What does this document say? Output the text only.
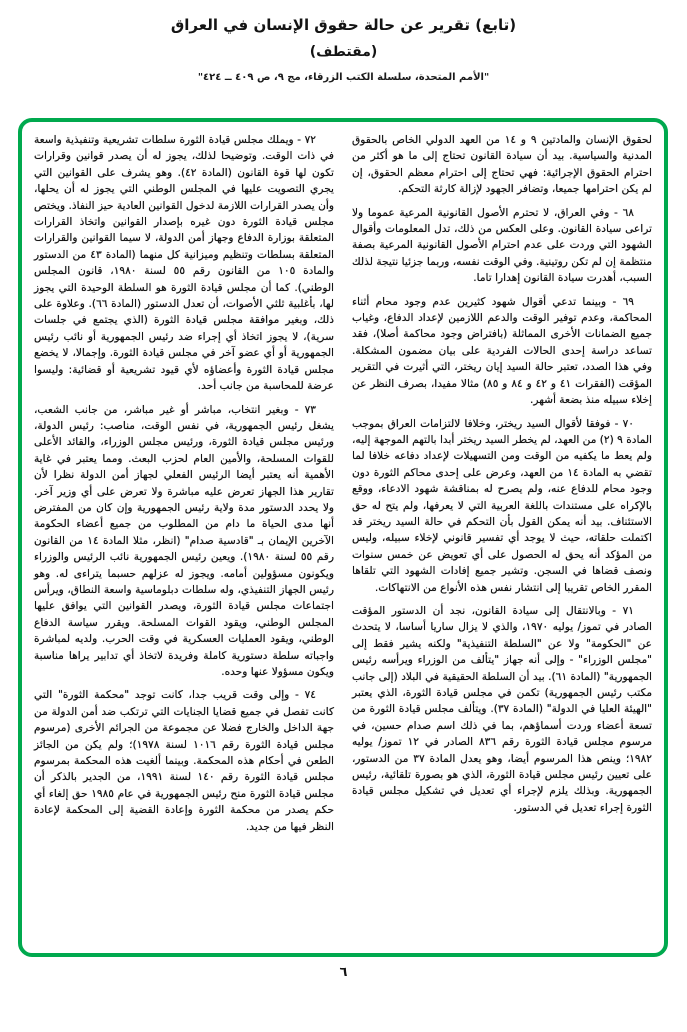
(تابع) تقرير عن حالة حقوق الإنسان في العراق
(مقتطف)
"الأمم المتحدة، سلسلة الكتب الزرقاء، مج ٩، ص ٤٠٩ ــ ٤٢٤"

لحقوق الإنسان والمادتين ٩ و ١٤ من العهد الدولي الخاص بالحقوق المدنية والسياسية. بيد أن سيادة القانون تحتاج إلى ما هو أكثر من احترام الحقوق الإجرائية: فهي تحتاج إلى احترام معظم الحقوق، إن لم يكن احترامها جميعا، وتضافر الجهود لإزالة كارثة التحكم.

٦٨ - وفي العراق، لا تحترم الأصول القانونية المرعية عموما ولا تراعى سيادة القانون. وعلى العكس من ذلك، تدل المعلومات وأقوال الشهود التي وردت على عدم احترام الأصول القانونية المرعية بصفة منتظمة إن لم تكن روتينية. وفي الوقت نفسه، وربما جزئيا نتيجة لذلك السبب، أهدرت سيادة القانون إهدارا تاما.

٦٩ - وبينما تدعي أقوال شهود كثيرين عدم وجود محام أثناء المحاكمة، وعدم توفير الوقت والدعم اللازمين لإعداد الدفاع، وغياب جميع الضمانات الأخرى المماثلة (بافتراض وجود محاكمة أصلا)، فقد تساعد دراسة إحدى الحالات الفردية على بيان مضمون المشكلة. وفي هذا الصدد، تعتبر حالة السيد إيان ريختر، التي أثيرت في التقرير المؤقت (الفقرات ٤١ و ٤٢ و ٨٤ و ٨٥) مثالا مفيدا، بصرف النظر عن إخلاء سبيله منذ بضعة أشهر.

٧٠ - فوفقا لأقوال السيد ريختر، وخلافا لالتزامات العراق بموجب المادة ٩ (٢) من العهد، لم يخطر السيد ريختر أبدا بالتهم الموجهة إليه، ولم يعط ما يكفيه من الوقت ومن التسهيلات لإعداد دفاعه خلافا لما تقضي به المادة ١٤ من العهد، وعرض على إحدى محاكم الثورة دون وجود محام للدفاع عنه، ولم يصرح له بمناقشة شهود الادعاء، ووقع بالإكراه على مستندات باللغة العربية التي لا يعرفها، ولم يتح له حق الاستئناف. بيد أنه يمكن القول بأن التحكم في حالة السيد ريختر قد اكتملت حلقاته، حيث لا يوجد أي تفسير قانوني لإخلاء سبيله، وليس من المؤكد أنه يحق له الحصول على أي تعويض عن خمس سنوات ونصف قضاها في السجن. وتشير جميع إفادات الشهود التي تلقاها المقرر الخاص تقريبا إلى انتشار نفس هذه الأنواع من الانتهاكات.

٧١ - وبالانتقال إلى سيادة القانون، نجد أن الدستور المؤقت الصادر في تموز/ يوليه ١٩٧٠، والذي لا يزال ساريا أساسا، لا يتحدث عن "الحكومة" ولا عن "السلطة التنفيذية" ولكنه يشير فقط إلى "مجلس الوزراء" - وإلى أنه جهاز "يتألف من الوزراء ويرأسه رئيس الجمهورية" (المادة ٦١). بيد أن السلطة الحقيقية في البلاد (إلى جانب مكتب رئيس الجمهورية) تكمن في مجلس قيادة الثورة، الذي يعتبر "الهيئة العليا في الدولة" (المادة ٣٧). ويتألف مجلس قيادة الثورة من تسعة أعضاء وردت أسماؤهم، بما في ذلك اسم صدام حسين، في مرسوم مجلس قيادة الثورة رقم ٨٣٦ الصادر في ١٢ تموز/ يوليه ١٩٨٢؛ وينص هذا المرسوم أيضا، وهو يعدل المادة ٣٧ من الدستور، على تعيين رئيس مجلس قيادة الثورة، الذي هو بصورة تلقائية، رئيس الجمهورية. وبذلك يلزم لإجراء أي تعديل في تشكيل مجلس قيادة الثورة إجراء تعديل في الدستور.

٧٢ - ويملك مجلس قيادة الثورة سلطات تشريعية وتنفيذية واسعة في ذات الوقت. وتوضيحا لذلك، يجوز له أن يصدر قوانين وقرارات تكون لها قوة القانون (المادة ٤٢). وهو يشرف على القوانين التي يجري التصويت عليها في المجلس الوطني التي يجوز له أن يحلها، وأن يصدر القرارات اللازمة لدخول القوانين العادية حيز النفاذ. ويختص مجلس قيادة الثورة دون غيره بإصدار القوانين واتخاذ القرارات المتعلقة بوزارة الدفاع وجهاز أمن الدولة، لا سيما القوانين والقرارات المتعلقة بسلطات وتنظيم وميزانية كل منهما (المادة ٤٣ من الدستور والمادة ١٠٥ من القانون رقم ٥٥ لسنة ١٩٨٠، قانون المجلس الوطني). كما أن مجلس قيادة الثورة هو السلطة الوحيدة التي يجوز لها، بأغلبية ثلثي الأصوات، أن تعدل الدستور (المادة ٦٦). وعلاوة على ذلك، وبغير موافقة مجلس قيادة الثورة (الذي يجتمع في جلسات سرية)، لا يجوز اتخاذ أي إجراء ضد رئيس الجمهورية أو نائب رئيس الجمهورية أو أي عضو آخر في مجلس قيادة الثورة. وإجمالا، لا يخضع مجلس قيادة الثورة وأعضاؤه لأي قيود تشريعية أو قضائية: وليسوا عرضة للمحاسبة من جانب أحد.

٧٣ - وبغير انتخاب، مباشر أو غير مباشر، من جانب الشعب، يشغل رئيس الجمهورية، في نفس الوقت، مناصب: رئيس الدولة، ورئيس مجلس قيادة الثورة، ورئيس مجلس الوزراء، والقائد الأعلى للقوات المسلحة، والأمين العام لحزب البعث. ومما يعتبر في غاية الأهمية أنه يعتبر أيضا الرئيس الفعلي لجهاز أمن الدولة نظرا لأن تقارير هذا الجهاز تعرض عليه مباشرة ولا تعرض على أي وزير آخر. ولا يحدد الدستور مدة ولاية رئيس الجمهورية وإن كان من المفترض أنها مدى الحياة ما دام من المطلوب من جميع أعضاء الحكومة الآخرين الإيمان بـ "قادسية صدام" (انظر، مثلا المادة ١٤ من القانون رقم ٥٥ لسنة ١٩٨٠). ويعين رئيس الجمهورية نائب الرئيس والوزراء ويكونون مسؤولين أمامه. ويجوز له عزلهم حسبما يتراءى له. وهو رئيس الجهاز التنفيذي، وله سلطات دبلوماسية واسعة النطاق، ويرأس اجتماعات مجلس قيادة الثورة، ويصدر القوانين التي يوافق عليها المجلس الوطني، ويقود القوات المسلحة. ويقرر سياسة الدفاع الوطني، ويقود العمليات العسكرية في وقت الحرب. ولديه لمباشرة واجباته سلطة دستورية كاملة وفريدة لاتخاذ أي تدابير يراها مناسبة ويكون مسؤولا عنها وحده.

٧٤ - وإلى وقت قريب جدا، كانت توجد "محكمة الثورة" التي كانت تفصل في جميع قضايا الجنايات التي ترتكب ضد أمن الدولة من جهة الداخل والخارج فضلا عن مجموعة من الجرائم الأخرى (مرسوم مجلس قيادة الثورة رقم ١٠١٦ لسنة ١٩٧٨)؛ ولم يكن من الجائز الطعن في أحكام هذه المحكمة. وبينما ألغيت هذه المحكمة بمرسوم مجلس قيادة الثورة رقم ١٤٠ لسنة ١٩٩١، من الجدير بالذكر أن مجلس قيادة الثورة منح رئيس الجمهورية في عام ١٩٨٥ حق إلغاء أي حكم يصدر من محكمة الثورة وإعادة القضية إلى المحكمة لإعادة النظر فيها من جديد.

٦
